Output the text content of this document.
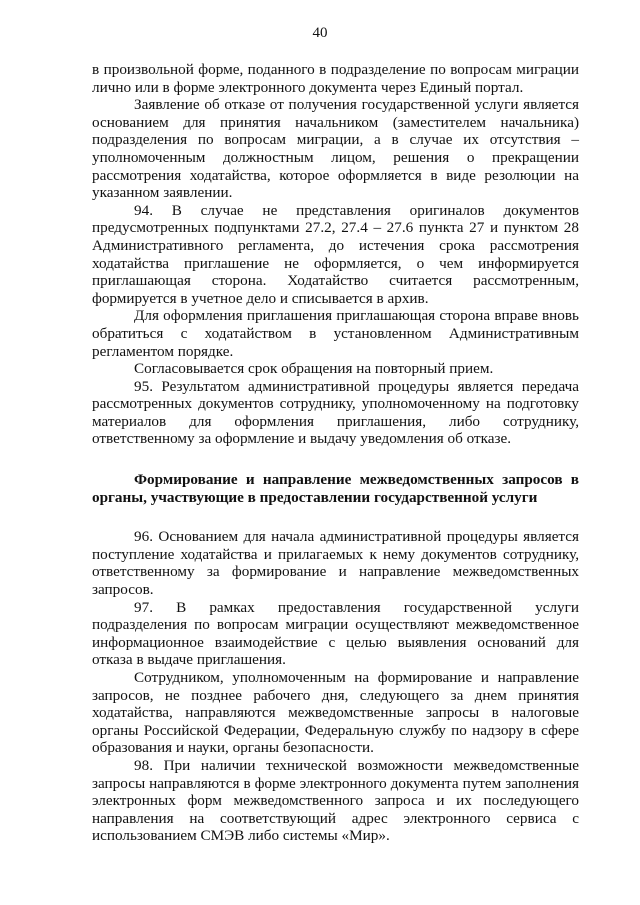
40

в произвольной форме, поданного в подразделение по вопросам миграции лично или в форме электронного документа через Единый портал.

Заявление об отказе от получения государственной услуги является основанием для принятия начальником (заместителем начальника) подразделения по вопросам миграции, а в случае их отсутствия – уполномоченным должностным лицом, решения о прекращении рассмотрения ходатайства, которое оформляется в виде резолюции на указанном заявлении.

94. В случае не представления оригиналов документов предусмотренных подпунктами 27.2, 27.4 – 27.6 пункта 27 и пунктом 28 Административного регламента, до истечения срока рассмотрения ходатайства приглашение не оформляется, о чем информируется приглашающая сторона. Ходатайство считается рассмотренным, формируется в учетное дело и списывается в архив.

Для оформления приглашения приглашающая сторона вправе вновь обратиться с ходатайством в установленном Административным регламентом порядке.

Согласовывается срок обращения на повторный прием.

95. Результатом административной процедуры является передача рассмотренных документов сотруднику, уполномоченному на подготовку материалов для оформления приглашения, либо сотруднику, ответственному за оформление и выдачу уведомления об отказе.

Формирование и направление межведомственных запросов в органы, участвующие в предоставлении государственной услуги

96. Основанием для начала административной процедуры является поступление ходатайства и прилагаемых к нему документов сотруднику, ответственному за формирование и направление межведомственных запросов.

97. В рамках предоставления государственной услуги подразделения по вопросам миграции осуществляют межведомственное информационное взаимодействие с целью выявления оснований для отказа в выдаче приглашения.

Сотрудником, уполномоченным на формирование и направление запросов, не позднее рабочего дня, следующего за днем принятия ходатайства, направляются межведомственные запросы в налоговые органы Российской Федерации, Федеральную службу по надзору в сфере образования и науки, органы безопасности.

98. При наличии технической возможности межведомственные запросы направляются в форме электронного документа путем заполнения электронных форм межведомственного запроса и их последующего направления на соответствующий адрес электронного сервиса с использованием СМЭВ либо системы «Мир».
